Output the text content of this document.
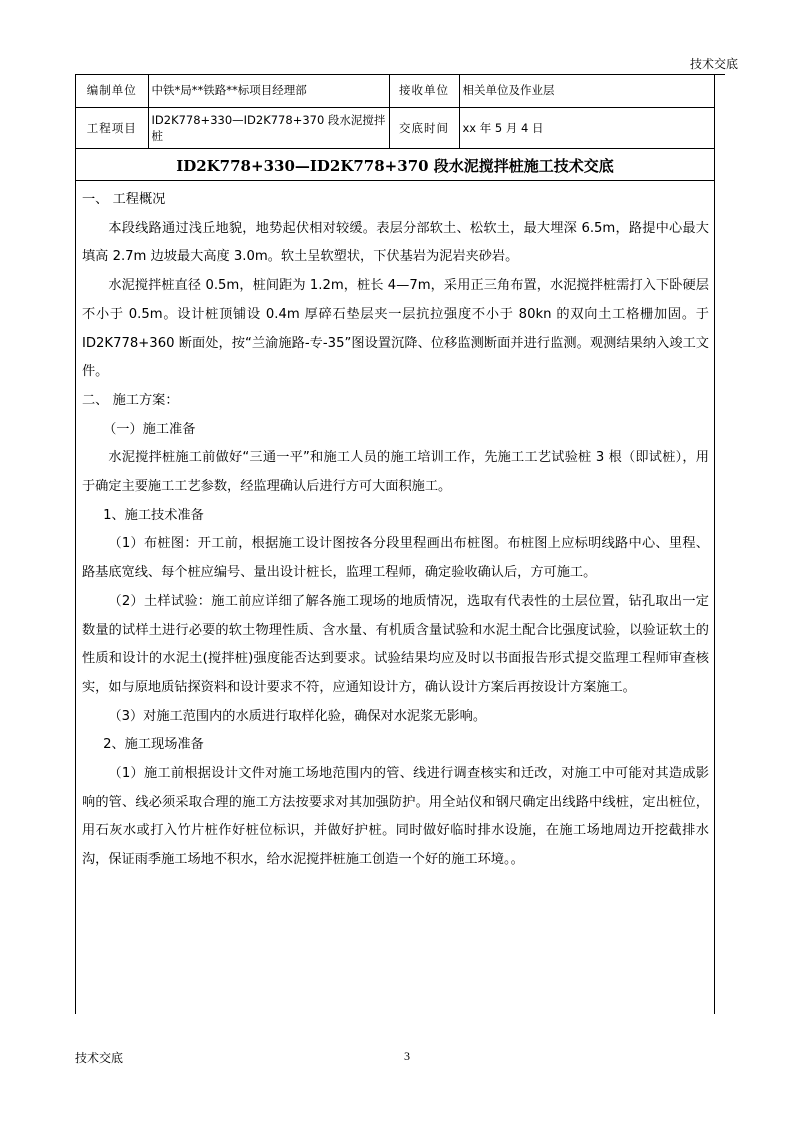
技术交底
编制单位	中铁*局**铁路**标项目经理部	接收单位	相关单位及作业层
工程项目	ID2K778+330—ID2K778+370 段水泥搅拌桩	交底时间	xx 年 5 月 4 日
ID2K778+330—ID2K778+370 段水泥搅拌桩施工技术交底

一、 工程概况

本段线路通过浅丘地貌，地势起伏相对较缓。表层分部软土、松软土，最大埋深 6.5m，路提中心最大填高 2.7m 边坡最大高度 3.0m。软土呈软塑状，下伏基岩为泥岩夹砂岩。

水泥搅拌桩直径 0.5m，桩间距为 1.2m，桩长 4—7m，采用正三角布置，水泥搅拌桩需打入下卧硬层不小于 0.5m。设计桩顶铺设 0.4m 厚碎石垫层夹一层抗拉强度不小于 80kn 的双向土工格栅加固。于 ID2K778+360 断面处，按“兰渝施路-专-35”图设置沉降、位移监测断面并进行监测。观测结果纳入竣工文件。

二、 施工方案：

（一）施工准备

水泥搅拌桩施工前做好“三通一平”和施工人员的施工培训工作，先施工工艺试验桩 3 根（即试桩），用于确定主要施工工艺参数，经监理确认后进行方可大面积施工。

1、施工技术准备

（1）布桩图：开工前，根据施工设计图按各分段里程画出布桩图。布桩图上应标明线路中心、里程、路基底宽线、每个桩应编号、量出设计桩长，监理工程师，确定验收确认后，方可施工。

（2）土样试验：施工前应详细了解各施工现场的地质情况，选取有代表性的土层位置，钻孔取出一定数量的试样土进行必要的软土物理性质、含水量、有机质含量试验和水泥土配合比强度试验，以验证软土的性质和设计的水泥土(搅拌桩)强度能否达到要求。试验结果均应及时以书面报告形式提交监理工程师审查核实，如与原地质钻探资料和设计要求不符，应通知设计方，确认设计方案后再按设计方案施工。

（3）对施工范围内的水质进行取样化验，确保对水泥浆无影响。

2、施工现场准备

（1）施工前根据设计文件对施工场地范围内的管、线进行调查核实和迁改，对施工中可能对其造成影响的管、线必须采取合理的施工方法按要求对其加强防护。用全站仪和钢尺确定出线路中线桩，定出桩位，用石灰水或打入竹片桩作好桩位标识，并做好护桩。同时做好临时排水设施，在施工场地周边开挖截排水沟，保证雨季施工场地不积水，给水泥搅拌桩施工创造一个好的施工环境。。

技术交底	3
